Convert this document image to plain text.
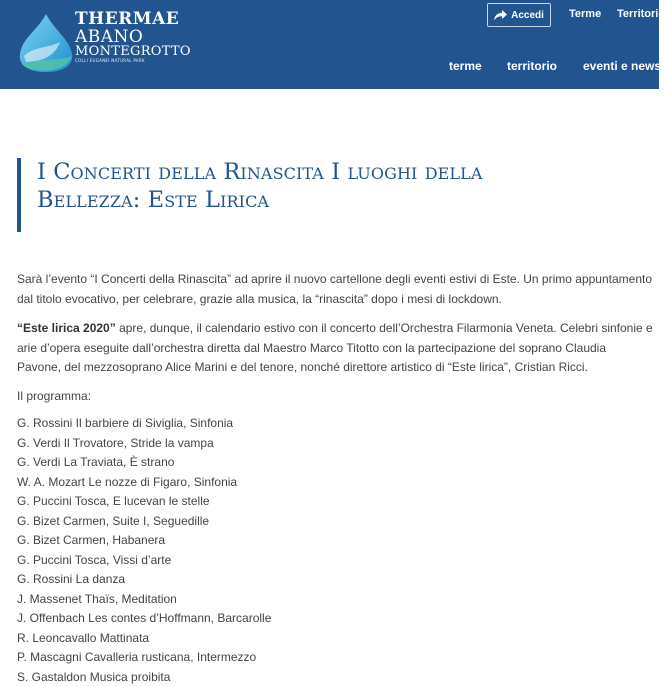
THERMAE
ABANO
MONTEGROTTO
COLLI EUGANEI NATURAL PARK
Accedi Terme Territorio
terme territorio eventi e news
I Concerti della Rinascita I luoghi della
Bellezza: Este Lirica

Sarà l’evento “I Concerti della Rinascita” ad aprire il nuovo cartellone degli eventi estivi di Este. Un primo appuntamento
dal titolo evocativo, per celebrare, grazie alla musica, la “rinascita” dopo i mesi di lockdown.

“Este lirica 2020” apre, dunque, il calendario estivo con il concerto dell’Orchestra Filarmonia Veneta. Celebri sinfonie e
arie d’opera eseguite dall’orchestra diretta dal Maestro Marco Titotto con la partecipazione del soprano Claudia
Pavone, del mezzosoprano Alice Marini e del tenore, nonché direttore artistico di “Este lirica”, Cristian Ricci.

Il programma:

G. Rossini Il barbiere di Siviglia, Sinfonia
G. Verdi Il Trovatore, Stride la vampa
G. Verdi La Traviata, È strano
W. A. Mozart Le nozze di Figaro, Sinfonia
G. Puccini Tosca, E lucevan le stelle
G. Bizet Carmen, Suite I, Seguedille
G. Bizet Carmen, Habanera
G. Puccini Tosca, Vissi d’arte
G. Rossini La danza
J. Massenet Thaïs, Meditation
J. Offenbach Les contes d’Hoffmann, Barcarolle
R. Leoncavallo Mattinata
P. Mascagni Cavalleria rusticana, Intermezzo
S. Gastaldon Musica proibita
